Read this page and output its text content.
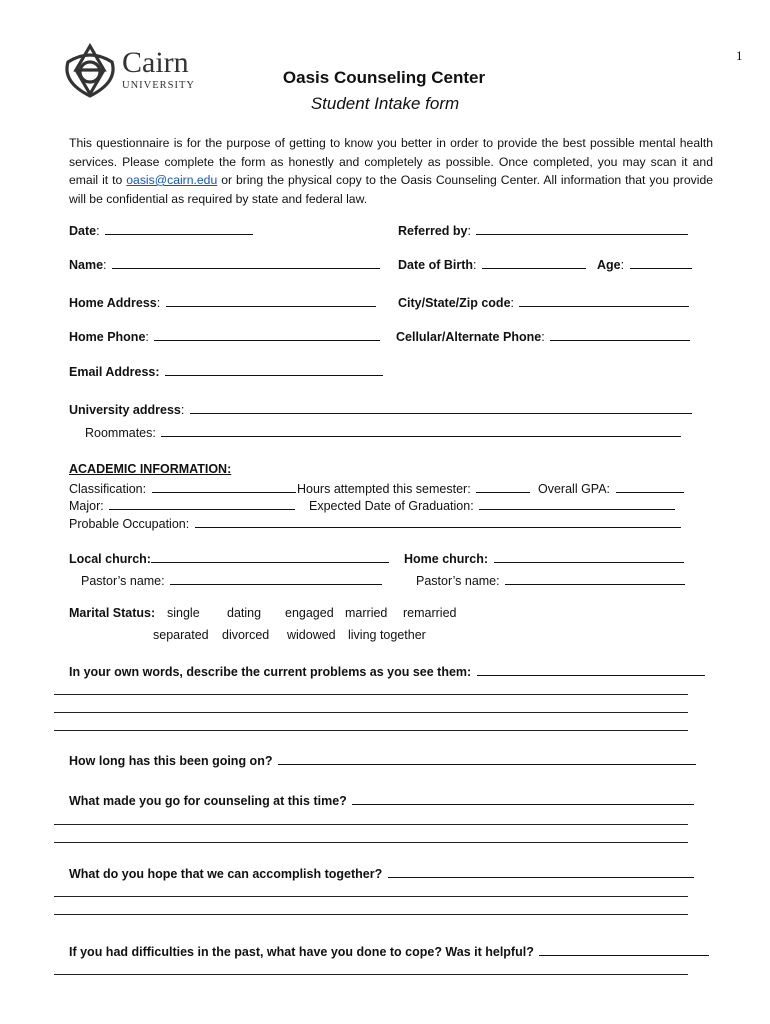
1
Cairn
UNIVERSITY	Oasis Counseling Center
Student Intake form
This questionnaire is for the purpose of getting to know you better in order to provide the best possible mental health services. Please complete the form as honestly and completely as possible. Once completed, you may scan it and email it to oasis@cairn.edu or bring the physical copy to the Oasis Counseling Center. All information that you provide will be confidential as required by state and federal law.
Date:	Referred by:
Name:	Date of Birth:	Age:
Home Address:	City/State/Zip code:
Home Phone:	Cellular/Alternate Phone:
Email Address:
University address:
Roommates:
ACADEMIC INFORMATION:
Classification:	Hours attempted this semester:	Overall GPA:
Major:	Expected Date of Graduation:
Probable Occupation:
Local church:	Home church:
Pastor’s name:	Pastor’s name:
Marital Status: single dating engaged married remarried
separated divorced widowed living together
In your own words, describe the current problems as you see them:
How long has this been going on?
What made you go for counseling at this time?
What do you hope that we can accomplish together?
If you had difficulties in the past, what have you done to cope? Was it helpful?
